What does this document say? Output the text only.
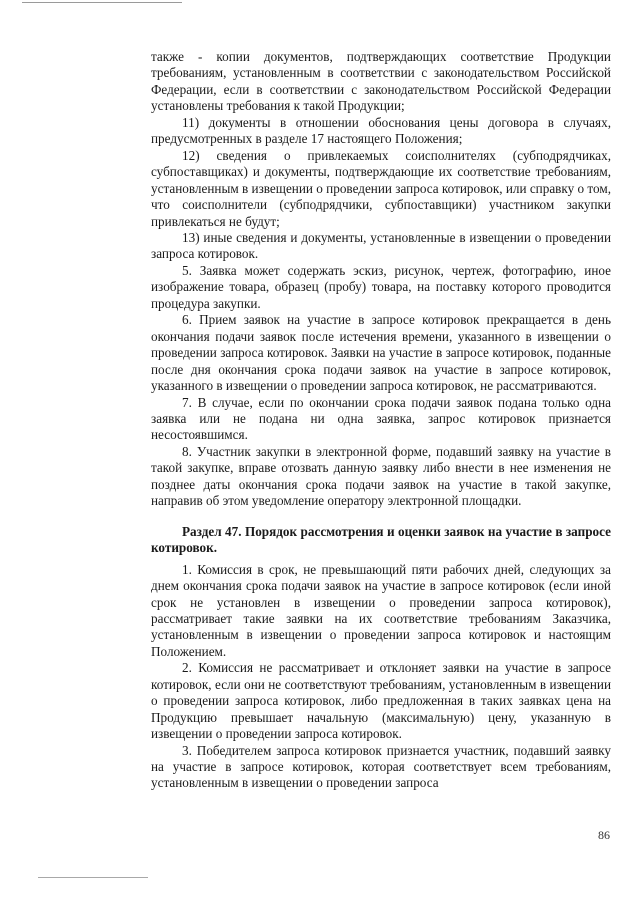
также - копии документов, подтверждающих соответствие Продукции требованиям, установленным в соответствии с законодательством Российской Федерации, если в соответствии с законодательством Российской Федерации установлены требования к такой Продукции;

11) документы в отношении обоснования цены договора в случаях, предусмотренных в разделе 17 настоящего Положения;

12) сведения о привлекаемых соисполнителях (субподрядчиках, субпоставщиках) и документы, подтверждающие их соответствие требованиям, установленным в извещении о проведении запроса котировок, или справку о том, что соисполнители (субподрядчики, субпоставщики) участником закупки привлекаться не будут;

13) иные сведения и документы, установленные в извещении о проведении запроса котировок.

5. Заявка может содержать эскиз, рисунок, чертеж, фотографию, иное изображение товара, образец (пробу) товара, на поставку которого проводится процедура закупки.

6. Прием заявок на участие в запросе котировок прекращается в день окончания подачи заявок после истечения времени, указанного в извещении о проведении запроса котировок. Заявки на участие в запросе котировок, поданные после дня окончания срока подачи заявок на участие в запросе котировок, указанного в извещении о проведении запроса котировок, не рассматриваются.

7. В случае, если по окончании срока подачи заявок подана только одна заявка или не подана ни одна заявка, запрос котировок признается несостоявшимся.

8. Участник закупки в электронной форме, подавший заявку на участие в такой закупке, вправе отозвать данную заявку либо внести в нее изменения не позднее даты окончания срока подачи заявок на участие в такой закупке, направив об этом уведомление оператору электронной площадки.

Раздел 47. Порядок рассмотрения и оценки заявок на участие в запросе котировок.

1. Комиссия в срок, не превышающий пяти рабочих дней, следующих за днем окончания срока подачи заявок на участие в запросе котировок (если иной срок не установлен в извещении о проведении запроса котировок), рассматривает такие заявки на их соответствие требованиям Заказчика, установленным в извещении о проведении запроса котировок и настоящим Положением.

2. Комиссия не рассматривает и отклоняет заявки на участие в запросе котировок, если они не соответствуют требованиям, установленным в извещении о проведении запроса котировок, либо предложенная в таких заявках цена на Продукцию превышает начальную (максимальную) цену, указанную в извещении о проведении запроса котировок.

3. Победителем запроса котировок признается участник, подавший заявку на участие в запросе котировок, которая соответствует всем требованиям, установленным в извещении о проведении запроса

86
